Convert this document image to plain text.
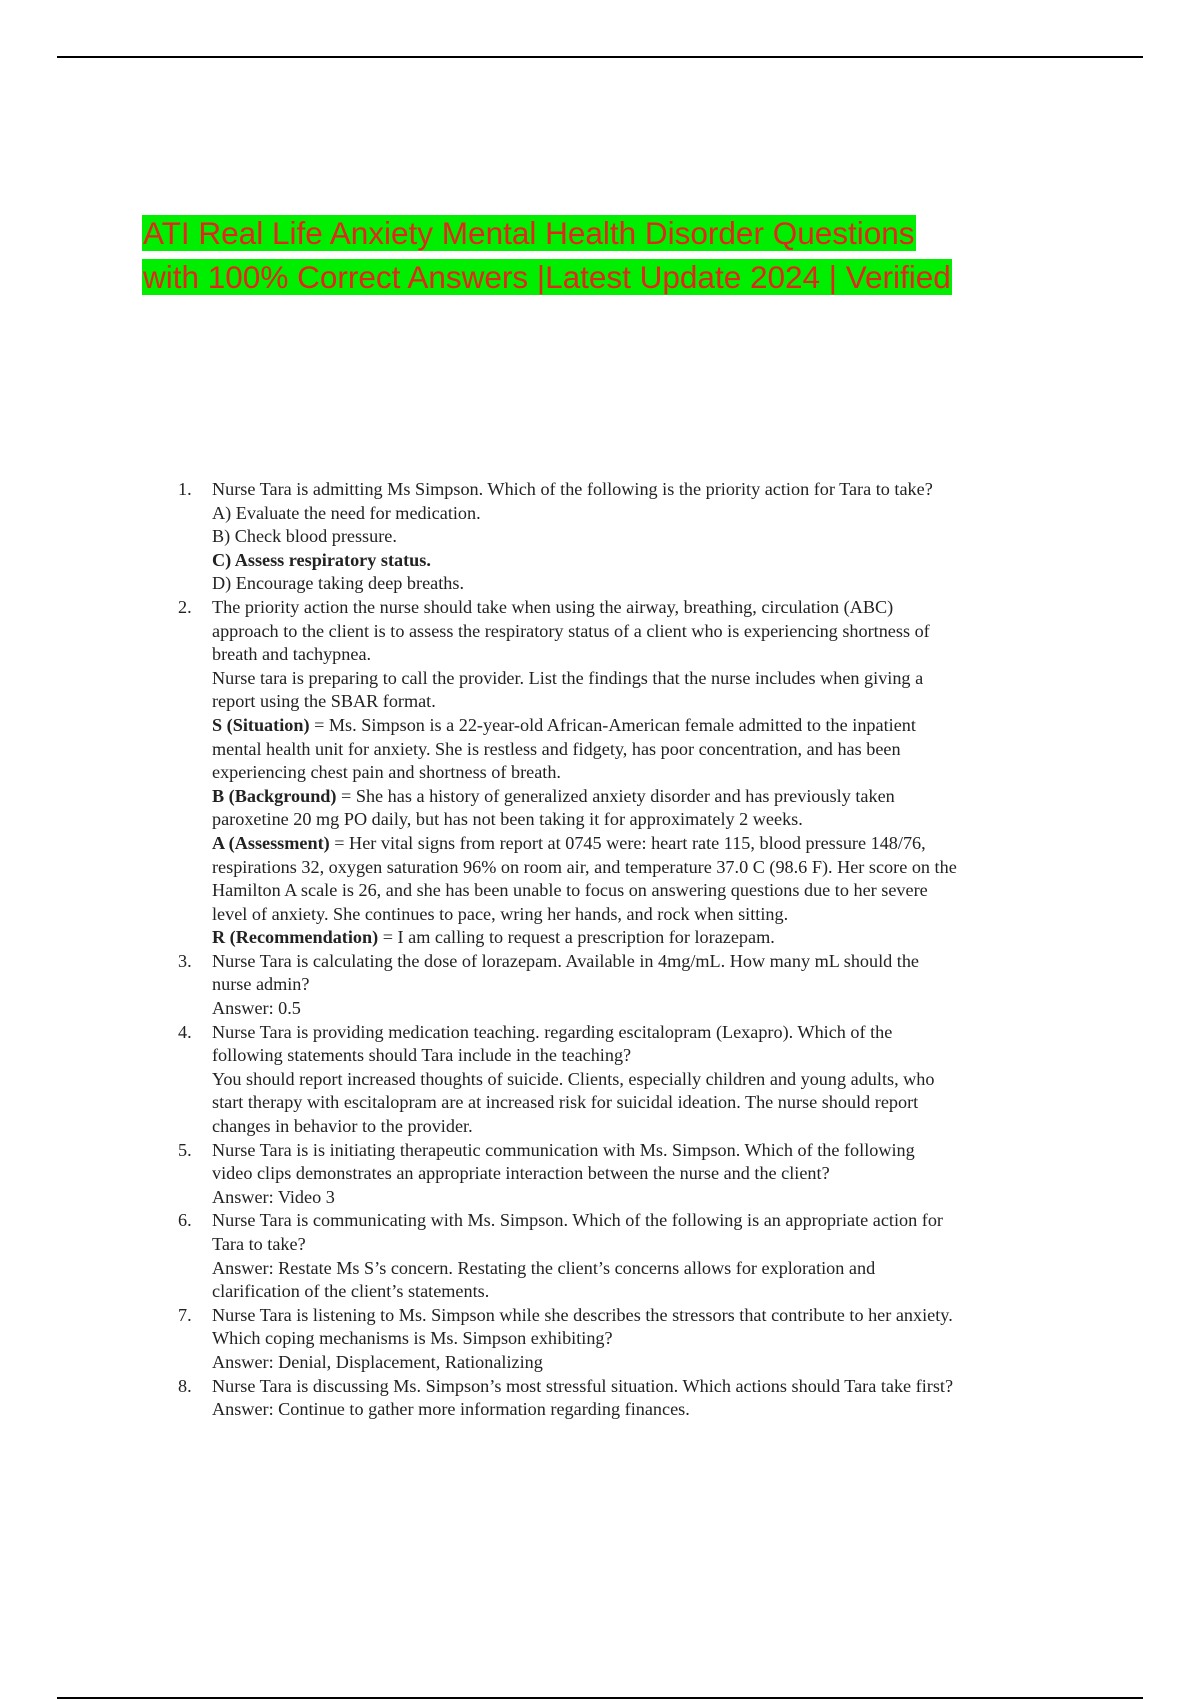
ATI Real Life Anxiety Mental Health Disorder Questions
with 100% Correct Answers |Latest Update 2024 | Verified
1. Nurse Tara is admitting Ms Simpson. Which of the following is the priority action for Tara to take?
A) Evaluate the need for medication.
B) Check blood pressure.
C) Assess respiratory status.
D) Encourage taking deep breaths.
2. The priority action the nurse should take when using the airway, breathing, circulation (ABC)
approach to the client is to assess the respiratory status of a client who is experiencing shortness of
breath and tachypnea.
Nurse tara is preparing to call the provider. List the findings that the nurse includes when giving a
report using the SBAR format.
S (Situation) = Ms. Simpson is a 22-year-old African-American female admitted to the inpatient
mental health unit for anxiety. She is restless and fidgety, has poor concentration, and has been
experiencing chest pain and shortness of breath.
B (Background) = She has a history of generalized anxiety disorder and has previously taken
paroxetine 20 mg PO daily, but has not been taking it for approximately 2 weeks.
A (Assessment) = Her vital signs from report at 0745 were: heart rate 115, blood pressure 148/76,
respirations 32, oxygen saturation 96% on room air, and temperature 37.0 C (98.6 F). Her score on the
Hamilton A scale is 26, and she has been unable to focus on answering questions due to her severe
level of anxiety. She continues to pace, wring her hands, and rock when sitting.
R (Recommendation) = I am calling to request a prescription for lorazepam.
3. Nurse Tara is calculating the dose of lorazepam. Available in 4mg/mL. How many mL should the
nurse admin?
Answer: 0.5
4. Nurse Tara is providing medication teaching. regarding escitalopram (Lexapro). Which of the
following statements should Tara include in the teaching?
You should report increased thoughts of suicide. Clients, especially children and young adults, who
start therapy with escitalopram are at increased risk for suicidal ideation. The nurse should report
changes in behavior to the provider.
5. Nurse Tara is is initiating therapeutic communication with Ms. Simpson. Which of the following
video clips demonstrates an appropriate interaction between the nurse and the client?
Answer: Video 3
6. Nurse Tara is communicating with Ms. Simpson. Which of the following is an appropriate action for
Tara to take?
Answer: Restate Ms S’s concern. Restating the client’s concerns allows for exploration and
clarification of the client’s statements.
7. Nurse Tara is listening to Ms. Simpson while she describes the stressors that contribute to her anxiety.
Which coping mechanisms is Ms. Simpson exhibiting?
Answer: Denial, Displacement, Rationalizing
8. Nurse Tara is discussing Ms. Simpson’s most stressful situation. Which actions should Tara take first?
Answer: Continue to gather more information regarding finances.
